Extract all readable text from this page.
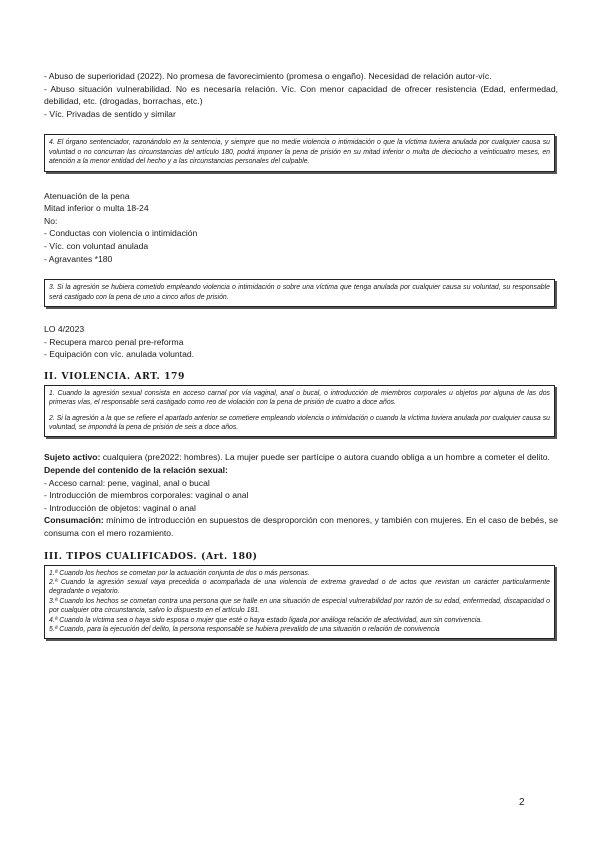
- Abuso de superioridad (2022). No promesa de favorecimiento (promesa o engaño). Necesidad de relación autor-víc.

- Abuso situación vulnerabilidad. No es necesaria relación. Víc. Con menor capacidad de ofrecer resistencia (Edad, enfermedad, debilidad, etc. (drogadas, borrachas, etc.)

- Víc. Privadas de sentido y similar

4. El órgano sentenciador, razonándolo en la sentencia, y siempre que no medie violencia o intimidación o que la víctima tuviera anulada por cualquier causa su voluntad o no concurran las circunstancias del artículo 180, podrá imponer la pena de prisión en su mitad inferior o multa de dieciocho a veinticuatro meses, en atención a la menor entidad del hecho y a las circunstancias personales del culpable.

Atenuación de la pena

Mitad inferior o multa 18-24

No:

- Conductas con violencia o intimidación

- Víc. con voluntad anulada

- Agravantes *180

3. Si la agresión se hubiera cometido empleando violencia o intimidación o sobre una víctima que tenga anulada por cualquier causa su voluntad, su responsable será castigado con la pena de uno a cinco años de prisión.

LO 4/2023

- Recupera marco penal pre-reforma

- Equipación con víc. anulada voluntad.

II. VIOLENCIA. ART. 179

1. Cuando la agresión sexual consista en acceso carnal por vía vaginal, anal o bucal, o introducción de miembros corporales u objetos por alguna de las dos primeras vías, el responsable será castigado como reo de violación con la pena de prisión de cuatro a doce años.

2. Si la agresión a la que se refiere el apartado anterior se cometiere empleando violencia o intimidación o cuando la víctima tuviera anulada por cualquier causa su voluntad, se impondrá la pena de prisión de seis a doce años.

Sujeto activo: cualquiera (pre2022: hombres). La mujer puede ser partícipe o autora cuando obliga a un hombre a cometer el delito.

Depende del contenido de la relación sexual:

- Acceso carnal: pene, vaginal, anal o bucal

- Introducción de miembros corporales: vaginal o anal

- Introducción de objetos: vaginal o anal

Consumación: mínimo de introducción en supuestos de desproporción con menores, y también con mujeres. En el caso de bebés, se consuma con el mero rozamiento.

III. TIPOS CUALIFICADOS. (Art. 180)

1.ª Cuando los hechos se cometan por la actuación conjunta de dos o más personas.

2.ª Cuando la agresión sexual vaya precedida o acompañada de una violencia de extrema gravedad o de actos que revistan un carácter particularmente degradante o vejatorio.

3.ª Cuando los hechos se cometan contra una persona que se halle en una situación de especial vulnerabilidad por razón de su edad, enfermedad, discapacidad o por cualquier otra circunstancia, salvo lo dispuesto en el artículo 181.

4.ª Cuando la víctima sea o haya sido esposa o mujer que esté o haya estado ligada por análoga relación de afectividad, aun sin convivencia.

5.ª Cuando, para la ejecución del delito, la persona responsable se hubiera prevalido de una situación o relación de convivencia

2
